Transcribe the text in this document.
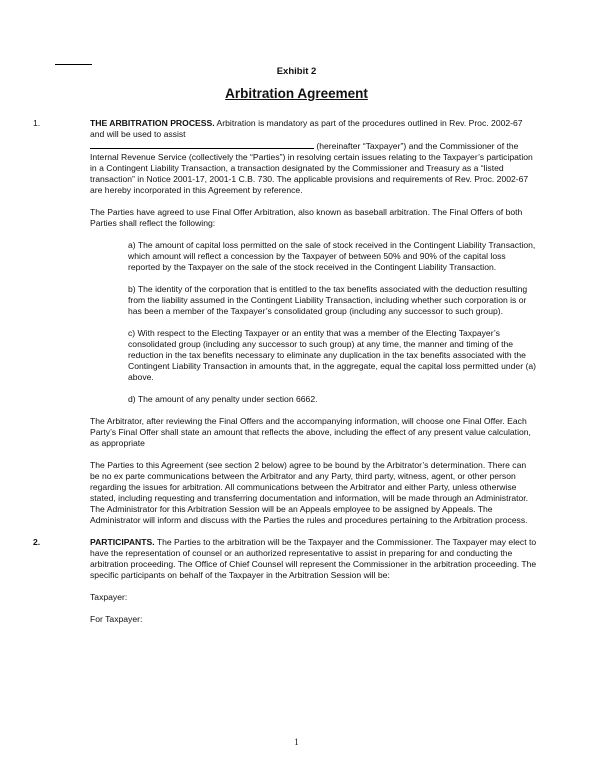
Exhibit 2
Arbitration Agreement
1.	THE ARBITRATION PROCESS. Arbitration is mandatory as part of the procedures outlined in Rev. Proc. 2002-67 and will be used to assist
(hereinafter “Taxpayer”) and the Commissioner of the Internal Revenue Service (collectively the “Parties”) in resolving certain issues relating to the Taxpayer’s participation in a Contingent Liability Transaction, a transaction designated by the Commissioner and Treasury as a “listed transaction” in Notice 2001-17, 2001-1 C.B. 730. The applicable provisions and requirements of Rev. Proc. 2002-67 are hereby incorporated in this Agreement by reference.

The Parties have agreed to use Final Offer Arbitration, also known as baseball arbitration. The Final Offers of both Parties shall reflect the following:

a) The amount of capital loss permitted on the sale of stock received in the Contingent Liability Transaction, which amount will reflect a concession by the Taxpayer of between 50% and 90% of the capital loss reported by the Taxpayer on the sale of the stock received in the Contingent Liability Transaction.

b) The identity of the corporation that is entitled to the tax benefits associated with the deduction resulting from the liability assumed in the Contingent Liability Transaction, including whether such corporation is or has been a member of the Taxpayer’s consolidated group (including any successor to such group).

c) With respect to the Electing Taxpayer or an entity that was a member of the Electing Taxpayer’s consolidated group (including any successor to such group) at any time, the manner and timing of the reduction in the tax benefits necessary to eliminate any duplication in the tax benefits associated with the Contingent Liability Transaction in amounts that, in the aggregate, equal the capital loss permitted under (a) above.

d) The amount of any penalty under section 6662.

The Arbitrator, after reviewing the Final Offers and the accompanying information, will choose one Final Offer. Each Party’s Final Offer shall state an amount that reflects the above, including the effect of any present value calculation, as appropriate

The Parties to this Agreement (see section 2 below) agree to be bound by the Arbitrator’s determination. There can be no ex parte communications between the Arbitrator and any Party, third party, witness, agent, or other person regarding the issues for arbitration. All communications between the Arbitrator and either Party, unless otherwise stated, including requesting and transferring documentation and information, will be made through an Administrator. The Administrator for this Arbitration Session will be an Appeals employee to be assigned by Appeals. The Administrator will inform and discuss with the Parties the rules and procedures pertaining to the Arbitration process.

2.	PARTICIPANTS. The Parties to the arbitration will be the Taxpayer and the Commissioner. The Taxpayer may elect to have the representation of counsel or an authorized representative to assist in preparing for and conducting the arbitration proceeding. The Office of Chief Counsel will represent the Commissioner in the arbitration proceeding. The specific participants on behalf of the Taxpayer in the Arbitration Session will be:

Taxpayer:

For Taxpayer:

1
